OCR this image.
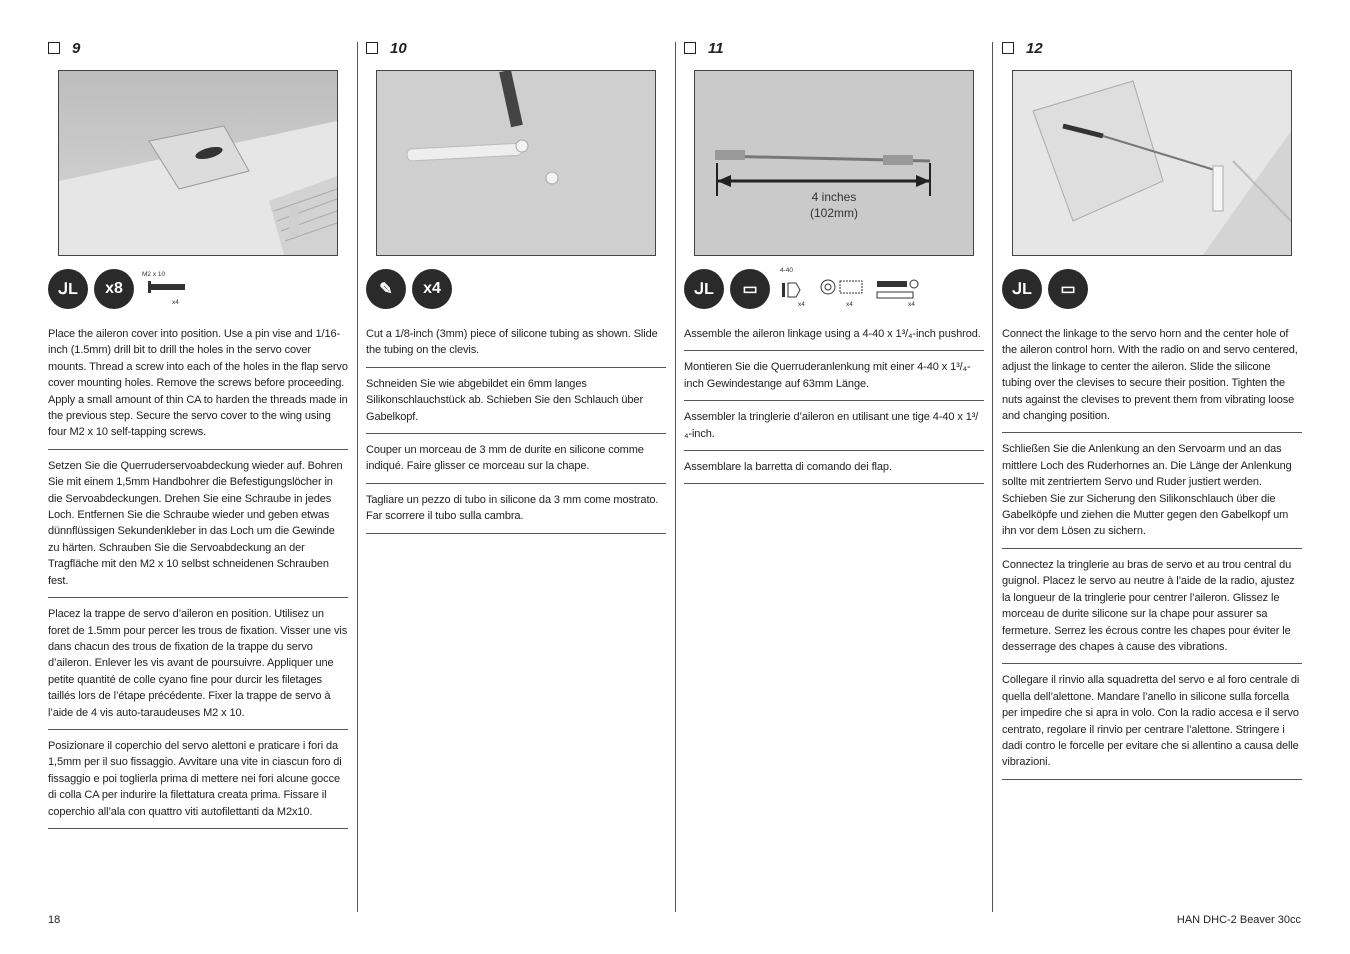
9
ᒍL	x8
M2 x 10
x4

Place the aileron cover into position. Use a pin vise and 1/16-inch (1.5mm) drill bit to drill the holes in the servo cover mounts. Thread a screw into each of the holes in the flap servo cover mounting holes. Remove the screws before proceeding. Apply a small amount of thin CA to harden the threads made in the previous step. Secure the servo cover to the wing using four M2 x 10 self-tapping screws.

Setzen Sie die Querruderservoabdeckung wieder auf. Bohren Sie mit einem 1,5mm Handbohrer die Befestigungslöcher in die Servoabdeckungen. Drehen Sie eine Schraube in jedes Loch. Entfernen Sie die Schraube wieder und geben etwas dünnflüssigen Sekundenkleber in das Loch um die Gewinde zu härten. Schrauben Sie die Servoabdeckung an der Tragfläche mit den M2 x 10 selbst schneidenen Schrauben fest.

Placez la trappe de servo d’aileron en position. Utilisez un foret de 1.5mm pour percer les trous de fixation. Visser une vis dans chacun des trous de fixation de la trappe du servo d’aileron. Enlever les vis avant de poursuivre. Appliquer une petite quantité de colle cyano fine pour durcir les filetages taillés lors de l’étape précédente. Fixer la trappe de servo à l’aide de 4 vis auto-taraudeuses M2 x 10.

Posizionare il coperchio del servo alettoni e praticare i fori da 1,5mm per il suo fissaggio. Avvitare una vite in ciascun foro di fissaggio e poi toglierla prima di mettere nei fori alcune gocce di colla CA per indurire la filettatura creata prima. Fissare il coperchio all’ala con quattro viti autofilettanti da M2x10.

10
✎	x4

Cut a 1/8-inch (3mm) piece of silicone tubing as shown. Slide the tubing on the clevis.

Schneiden Sie wie abgebildet ein 6mm langes Silikonschlauchstück ab. Schieben Sie den Schlauch über Gabelkopf.

Couper un morceau de 3 mm de durite en silicone comme indiqué. Faire glisser ce morceau sur la chape.

Tagliare un pezzo di tubo in silicone da 3 mm come mostrato. Far scorrere il tubo sulla cambra.

11
4 inches
(102mm)
ᒍL	▭
4-40
x4	x4	x4

Assemble the aileron linkage using a 4-40 x 1³/₄-inch pushrod.

Montieren Sie die Querruderanlenkung mit einer 4-40 x 1³/₄-inch Gewindestange auf 63mm Länge.

Assembler la tringlerie d’aileron en utilisant une tige 4-40 x 1³/₄-inch.

Assemblare la barretta di comando dei flap.

12
ᒍL	▭

Connect the linkage to the servo horn and the center hole of the aileron control horn. With the radio on and servo centered, adjust the linkage to center the aileron. Slide the silicone tubing over the clevises to secure their position. Tighten the nuts against the clevises to prevent them from vibrating loose and changing position.

Schließen Sie die Anlenkung an den Servoarm und an das mittlere Loch des Ruderhornes an. Die Länge der Anlenkung sollte mit zentriertem Servo und Ruder justiert werden. Schieben Sie zur Sicherung den Silikonschlauch über die Gabelköpfe und ziehen die Mutter gegen den Gabelkopf um ihn vor dem Lösen zu sichern.

Connectez la tringlerie au bras de servo et au trou central du guignol. Placez le servo au neutre à l’aide de la radio, ajustez la longueur de la tringlerie pour centrer l’aileron. Glissez le morceau de durite silicone sur la chape pour assurer sa fermeture. Serrez les écrous contre les chapes pour éviter le desserrage des chapes à cause des vibrations.

Collegare il rinvio alla squadretta del servo e al foro centrale di quella dell’alettone. Mandare l’anello in silicone sulla forcella per impedire che si apra in volo. Con la radio accesa e il servo centrato, regolare il rinvio per centrare l’alettone. Stringere i dadi contro le forcelle per evitare che si allentino a causa delle vibrazioni.

18	HAN DHC-2 Beaver 30cc
